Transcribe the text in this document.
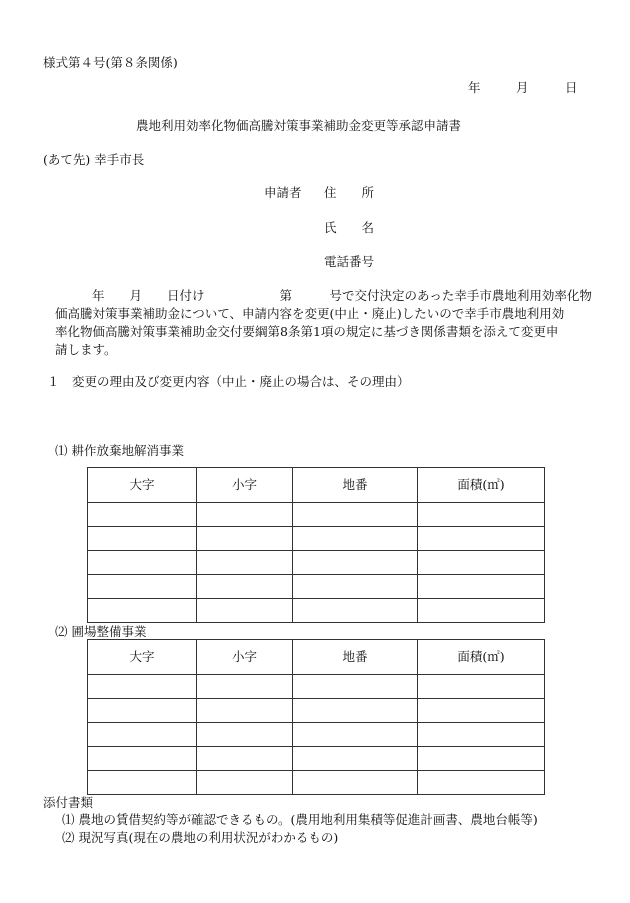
様式第４号(第８条関係)
年	月	日
農地利用効率化物価高騰対策事業補助金変更等承認申請書
(あて先) 幸手市長
申請者 住　　所
氏　　名
電話番号
年　　月　　日付け　　　　　　第　　　号で交付決定のあった幸手市農地利用効率化物
価高騰対策事業補助金について、申請内容を変更(中止・廃止)したいので幸手市農地利用効
率化物価高騰対策事業補助金交付要綱第8条第1項の規定に基づき関係書類を添えて変更申
請します。
１　変更の理由及び変更内容（中止・廃止の場合は、その理由）
⑴ 耕作放棄地解消事業
大字	小字	地番	面積(㎡)

⑵ 圃場整備事業
大字	小字	地番	面積(㎡)

添付書類
⑴ 農地の賃借契約等が確認できるもの。(農用地利用集積等促進計画書、農地台帳等)
⑵ 現況写真(現在の農地の利用状況がわかるもの)
